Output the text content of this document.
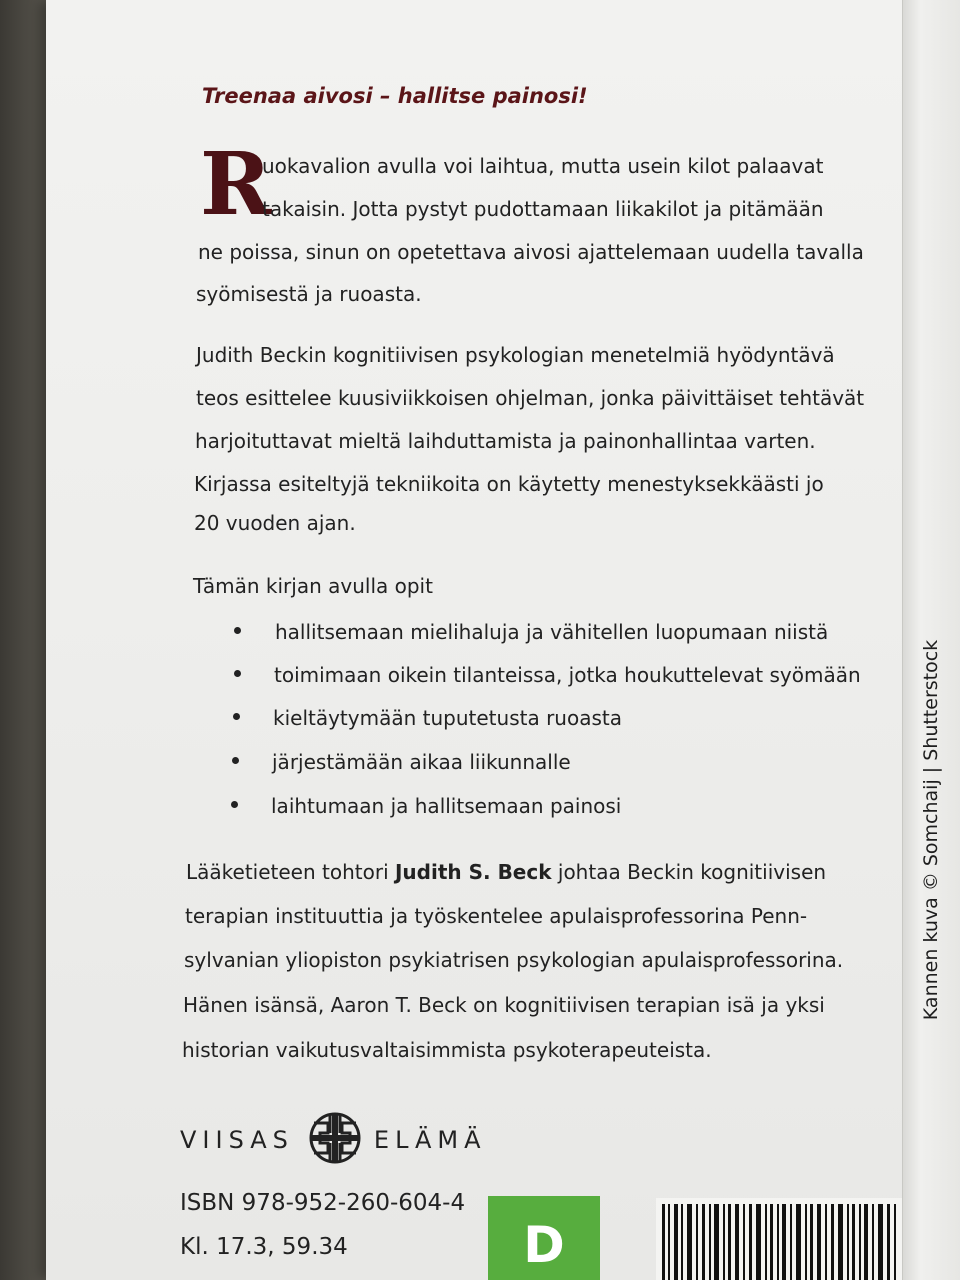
Kannen kuva © Somchaij | Shutterstock
Treenaa aivosi – hallitse painosi!
R
uokavalion avulla voi laihtua, mutta usein kilot palaavat
takaisin. Jotta pystyt pudottamaan liikakilot ja pitämään
ne poissa, sinun on opetettava aivosi ajattelemaan uudella tavalla
syömisestä ja ruoasta.
Judith Beckin kognitiivisen psykologian menetelmiä hyödyntävä
teos esittelee kuusiviikkoisen ohjelman, jonka päivittäiset tehtävät
harjoituttavat mieltä laihduttamista ja painonhallintaa varten.
Kirjassa esiteltyjä tekniikoita on käytetty menestyksekkäästi jo
20 vuoden ajan.
Tämän kirjan avulla opit
hallitsemaan mielihaluja ja vähitellen luopumaan niistä
toimimaan oikein tilanteissa, jotka houkuttelevat syömään
kieltäytymään tuputetusta ruoasta
järjestämään aikaa liikunnalle
laihtumaan ja hallitsemaan painosi
Lääketieteen tohtori Judith S. Beck johtaa Beckin kognitiivisen
terapian instituuttia ja työskentelee apulaisprofessorina Penn-
sylvanian yliopiston psykiatrisen psykologian apulaisprofessorina.
Hänen isänsä, Aaron T. Beck on kognitiivisen terapian isä ja yksi
historian vaikutusvaltaisimmista psykoterapeuteista.
VIISAS	ELÄMÄ
ISBN 978-952-260-604-4
Kl. 17.3, 59.34	D
